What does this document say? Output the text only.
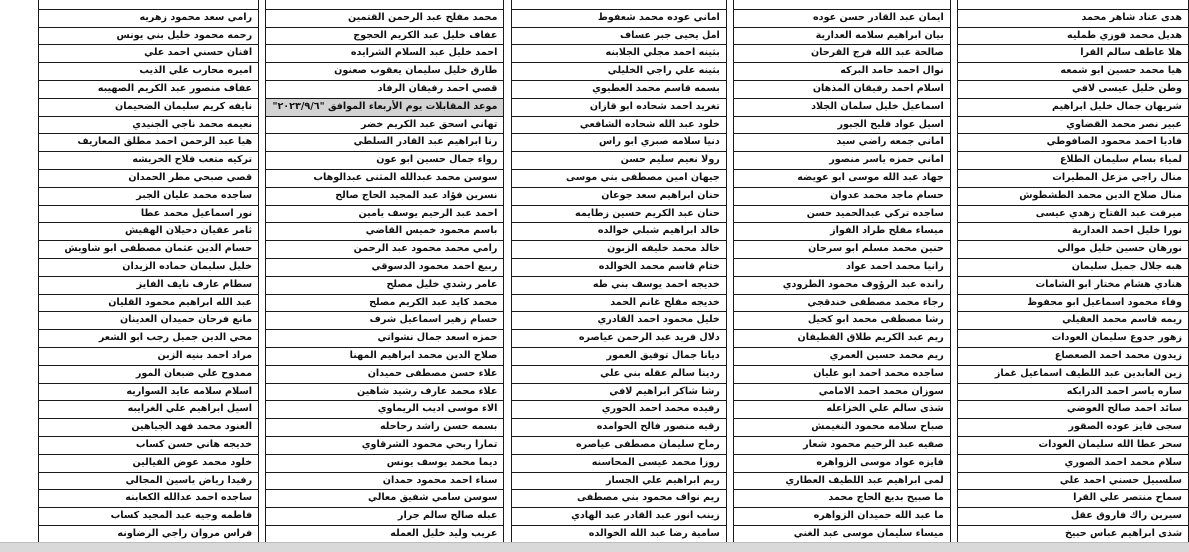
هدى عناد شاهر محمد		ايمان عبد القادر حسن عوده		اماني عوده محمد شعفوط		محمد مفلح عبد الرحمن القتمين		رامي سعد محمود زهريه
هديل محمد فوزي طمليه		بيان ابراهيم سلامه العدارية		امل يحيى جبر عساف		عفاف خليل عبد الكريم الحجوج		رحمه محمود خليل بني يونس
هلا عاطف سالم القرا		صالحة عبد الله فرج القرحان		بثينه احمد مجلي الجلابنه		احمد خليل عبد السلام الشرايده		افنان حسني احمد علي
هيا محمد حسين ابو شمعه		نوال احمد حامد البركه		بثينه علي راجي الخليلي		طارق خليل سليمان يعقوب صعنون		اميره محارب علي الذيب
وطن خليل عيسى لافي		اسلام احمد رفيقان المذهان		بسمه قاسم محمد العطيوي		قصي احمد رفيقان الرفاد		عفاف منصور عبد الكريم الصهيبه
شريهان جمال خليل ابراهيم		اسماعيل خليل سلمان الجلاد		تغريد احمد شحاده ابو قازان		موعد المقابلات يوم الأربعاء الموافق "٢٠٢٣/٩/٦"		نايفه كريم سليمان الضحيمان
عبير نصر محمد القضاوي		اسيل عواد فليح الجبور		خلود عبد الله شحاده الشافعي		تهاني اسحق عبد الكريم خضر		نعيمه محمد ناجي الجنيدي
فاديا احمد محمود الصافوطي		اماني جمعه راضي سيد		دنيا سلامه صبري ابو راس		رنا ابراهيم عبد القادر السلطي		هيا عبد الرحمن احمد مطلق المعاريف
لمياء بسام سليمان الطلاع		اماني حمزه ياسر منصور		رولا نعيم سليم حسن		رواء جمال حسين ابو عون		تركيه متعب فلاح الخريشه
منال راجي مزعل المطيرات		جهاد عبد الله موسى ابو عويضه		جيهان امين مصطفى بني موسى		سوسن محمد عبدالله المثنى عبدالوهاب		قصي صبحي مطر الحمدان
منال صلاح الدين محمد الطشطوش		حسام ماجد محمد عدوان		حنان ابراهيم سعد جوعان		نسرين فؤاد عبد المجيد الحاج صالح		ساجده محمد عليان الجبر
ميرفت عبد الفتاح زهدي عيسى		ساجده تركي عبدالحميد حسن		حنان عبد الكريم حسين زطايمه		احمد عبد الرحيم يوسف يامين		نور اسماعيل محمد عطا
نورا خليل احمد العدارية		ميساء مفلح طراد الفواز		خالد ابراهيم شبلي خوالده		باسم محمود خميس القاضي		ثامر عقيان دحيلان الهقيش
نورهان حسين خليل موالي		حنين محمد مسلم ابو سرحان		خالد محمد خليفه الزبون		رامي محمد محمود عبد الرحمن		حسام الدين عثمان مصطفى ابو شاويش
هبه جلال جميل سليمان		رانيا محمد احمد عواد		ختام قاسم محمد الخوالده		ربيع احمد محمود الدسوقي		خليل سليمان حماده الزيدان
هنادي هشام مختار ابو الشامات		رانده عبد الرؤوف محمود الطرودي		خديجه احمد يوسف بني طه		عامر رشدي خليل مصلح		سطام عارف نايف الفايز
وفاء محمود اسماعيل ابو محفوظ		رجاء محمد مصطفى خندقجي		خديجه مفلح غانم الحمد		محمد كايد عبد الكريم مصلح		عبد الله ابراهيم محمود القليان
ريمه قاسم محمد العقيلي		رشا مصطفى محمد ابو كحيل		خليل محمود احمد القادري		حسام زهير اسماعيل شرف		مانع فرحان حميدان العدينان
زهور جدوع سليمان العودات		ريم عبد الكريم طلاق القطيفان		دلال فريد عبد الرحمن عياصره		حمزه اسعد جمال نشواتي		محي الدين جميل رجب ابو الشعر
زيدون محمد احمد الصعصاع		ريم محمد حسين العمري		ديانا جمال توفيق العمور		صلاح الدين محمد ابراهيم المهنا		مراد احمد بنيه الزبن
زين العابدين عبد اللطيف اسماعيل غماز		ساجده محمد احمد ابو عليان		ردينا سالم عقله بني علي		علاء حسن مصطفى حميدان		ممدوح علي ضبعان المور
ساره ياسر احمد الدرابكه		سوزان محمد احمد الامامي		رشا شاكر ابراهيم لافي		علاء محمد عارف رشيد شاهين		اسلام سلامه عايد السواريه
سائد احمد صالح العوضي		شذى سالم علي الخزاعله		رفيده محمد احمد الحوري		الاء موسى اديب الريماوي		اسيل ابراهيم علي الغرايبه
سجى فايز عوده الصقور		صباح سلامه محمود النغيمش		رقيه منصور فالح الحوامده		بسمه حسن راشد رحاحله		العنود محمد فهد الجياهين
سحر عطا الله سليمان العودات		صفيه عبد الرحيم محمود شعار		رماح سليمان مصطفى عياصره		تمارا ربحي محمود الشرقاوي		خديجه هاني حسن كساب
سلام محمد احمد الصوري		فايزه عواد موسى الزواهره		روزا محمد عيسى المحاسنه		ديما محمد يوسف يونس		خلود محمد عوض الفيالين
سلسبيل حسني احمد علي		لمى ابراهيم عبد اللطيف العطاري		ريم ابراهيم علي الجسار		سناء احمد محمود حمدان		رفيدا رياض ياسين المجالي
سماح منتصر علي القرا		ما صبيح بديع الحاج محمد		ريم نواف محمود بني مصطفى		سوسن سامي شفيق معالي		ساجده احمد عدالله الكعابنه
سيرين راك فاروق عقل		ما عبد الله حميدان الزواهره		زينب انور عبد القادر عبد الهادي		عبله صالح سالم جرار		فاطمه وجيه عبد المجيد كساب
شذى ابراهيم عباس حبيخ		ميساء سليمان موسى عبد الغني		سامية رضا عبد الله الخوالده		عريب وليد خليل العمله		فراس مروان راجي الرضاونه
